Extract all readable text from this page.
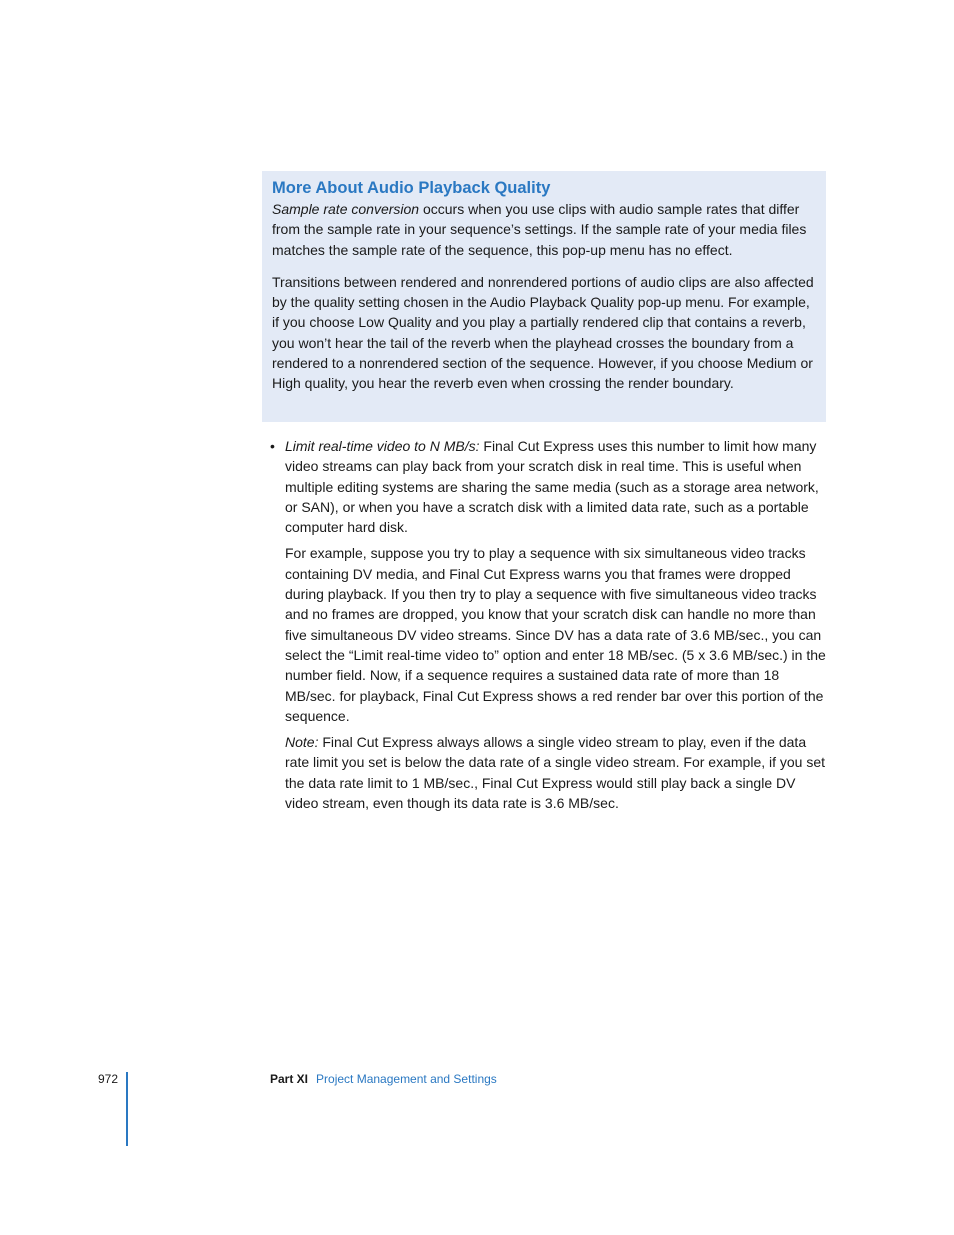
More About Audio Playback Quality

Sample rate conversion occurs when you use clips with audio sample rates that differ from the sample rate in your sequence’s settings. If the sample rate of your media files matches the sample rate of the sequence, this pop-up menu has no effect.

Transitions between rendered and nonrendered portions of audio clips are also affected by the quality setting chosen in the Audio Playback Quality pop-up menu. For example, if you choose Low Quality and you play a partially rendered clip that contains a reverb, you won’t hear the tail of the reverb when the playhead crosses the boundary from a rendered to a nonrendered section of the sequence. However, if you choose Medium or High quality, you hear the reverb even when crossing the render boundary.

• Limit real-time video to N MB/s: Final Cut Express uses this number to limit how many video streams can play back from your scratch disk in real time. This is useful when multiple editing systems are sharing the same media (such as a storage area network, or SAN), or when you have a scratch disk with a limited data rate, such as a portable computer hard disk.

For example, suppose you try to play a sequence with six simultaneous video tracks containing DV media, and Final Cut Express warns you that frames were dropped during playback. If you then try to play a sequence with five simultaneous video tracks and no frames are dropped, you know that your scratch disk can handle no more than five simultaneous DV video streams. Since DV has a data rate of 3.6 MB/sec., you can select the “Limit real-time video to” option and enter 18 MB/sec. (5 x 3.6 MB/sec.) in the number field. Now, if a sequence requires a sustained data rate of more than 18 MB/sec. for playback, Final Cut Express shows a red render bar over this portion of the sequence.

Note: Final Cut Express always allows a single video stream to play, even if the data rate limit you set is below the data rate of a single video stream. For example, if you set the data rate limit to 1 MB/sec., Final Cut Express would still play back a single DV video stream, even though its data rate is 3.6 MB/sec.

972	Part XI Project Management and Settings
